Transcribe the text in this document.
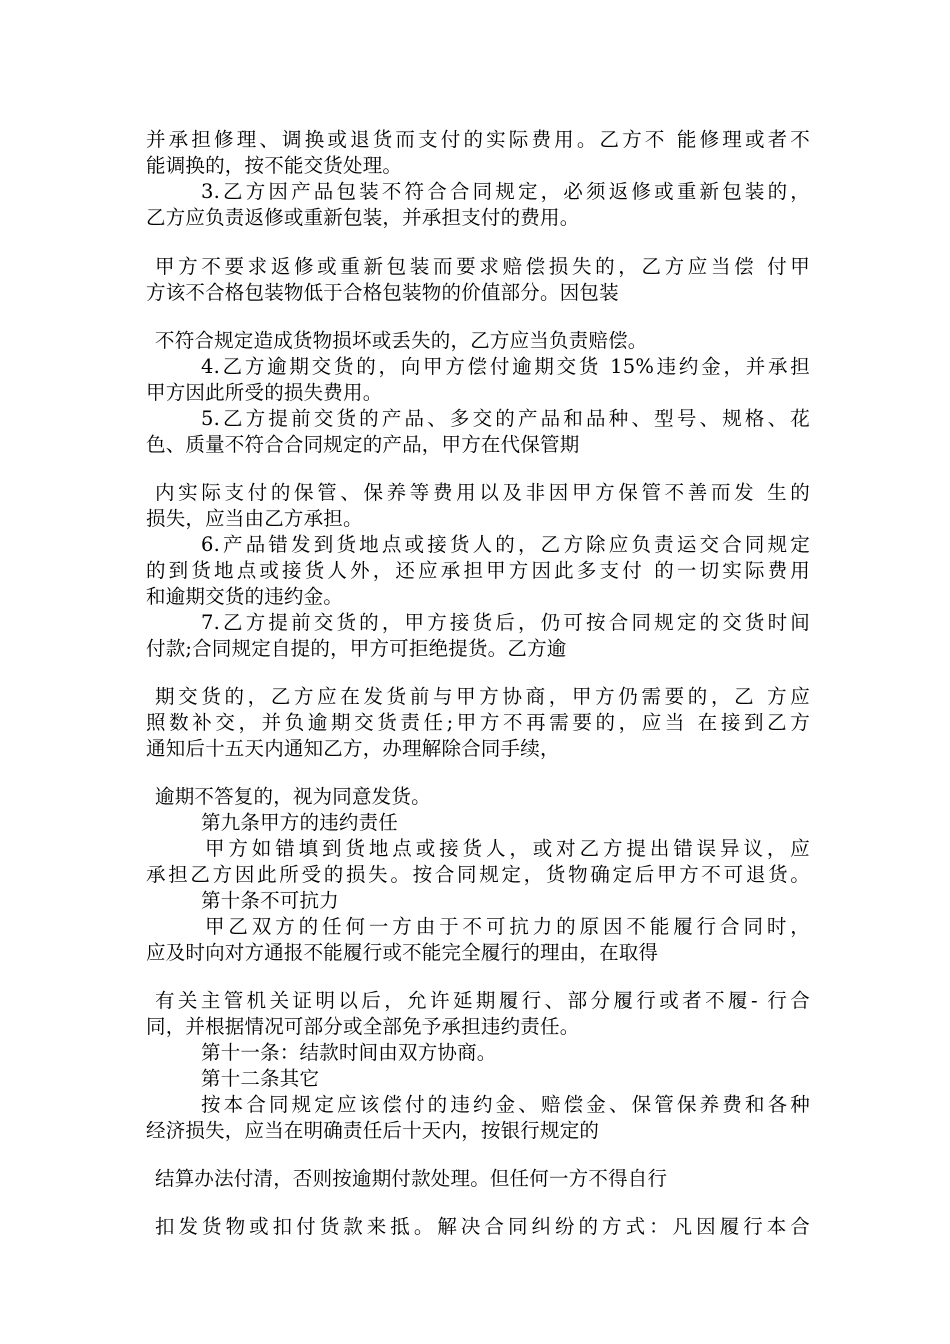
并承担修理、调换或退货而支付的实际费用。乙方不 能修理或者不
能调换的，按不能交货处理。
3.乙方因产品包装不符合合同规定，必须返修或重新包装的，
乙方应负责返修或重新包装，并承担支付的费用。
甲方不要求返修或重新包装而要求赔偿损失的，乙方应当偿 付甲
方该不合格包装物低于合格包装物的价值部分。因包装
不符合规定造成货物损坏或丢失的，乙方应当负责赔偿。
4.乙方逾期交货的，向甲方偿付逾期交货 15%违约金，并承担
甲方因此所受的损失费用。
5.乙方提前交货的产品、多交的产品和品种、型号、规格、花
色、质量不符合合同规定的产品，甲方在代保管期
内实际支付的保管、保养等费用以及非因甲方保管不善而发 生的
损失，应当由乙方承担。
6.产品错发到货地点或接货人的，乙方除应负责运交合同规定
的到货地点或接货人外，还应承担甲方因此多支付 的一切实际费用
和逾期交货的违约金。
7.乙方提前交货的，甲方接货后，仍可按合同规定的交货时间
付款;合同规定自提的，甲方可拒绝提货。乙方逾
期交货的，乙方应在发货前与甲方协商，甲方仍需要的，乙 方应
照数补交，并负逾期交货责任;甲方不再需要的，应当 在接到乙方
通知后十五天内通知乙方，办理解除合同手续，
逾期不答复的，视为同意发货。
第九条甲方的违约责任
甲方如错填到货地点或接货人，或对乙方提出错误异议，应
承担乙方因此所受的损失。按合同规定，货物确定后甲方不可退货。
第十条不可抗力
甲乙双方的任何一方由于不可抗力的原因不能履行合同时，
应及时向对方通报不能履行或不能完全履行的理由，在取得
有关主管机关证明以后，允许延期履行、部分履行或者不履- 行合
同，并根据情况可部分或全部免予承担违约责任。
第十一条：结款时间由双方协商。
第十二条其它
按本合同规定应该偿付的违约金、赔偿金、保管保养费和各种
经济损失，应当在明确责任后十天内，按银行规定的
结算办法付清，否则按逾期付款处理。但任何一方不得自行
扣发货物或扣付货款来抵。解决合同纠纷的方式：凡因履行本合
